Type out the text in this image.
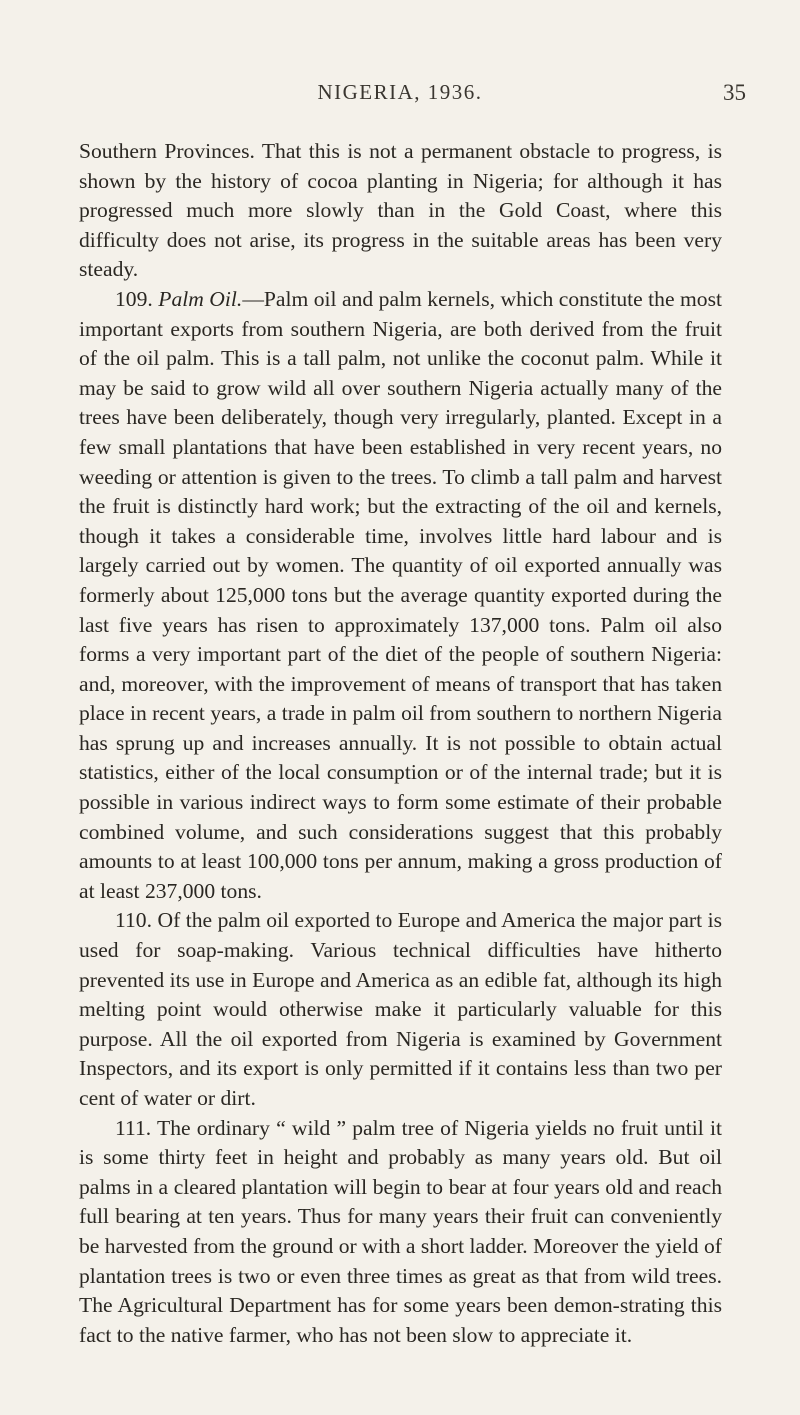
NIGERIA, 1936.	35

Southern Provinces. That this is not a permanent obstacle to progress, is shown by the history of cocoa planting in Nigeria; for although it has progressed much more slowly than in the Gold Coast, where this difficulty does not arise, its progress in the suitable areas has been very steady.

109. Palm Oil.—Palm oil and palm kernels, which constitute the most important exports from southern Nigeria, are both derived from the fruit of the oil palm. This is a tall palm, not unlike the coconut palm. While it may be said to grow wild all over southern Nigeria actually many of the trees have been deliberately, though very irregularly, planted. Except in a few small plantations that have been established in very recent years, no weeding or attention is given to the trees. To climb a tall palm and harvest the fruit is distinctly hard work; but the extracting of the oil and kernels, though it takes a considerable time, involves little hard labour and is largely carried out by women. The quantity of oil exported annually was formerly about 125,000 tons but the average quantity exported during the last five years has risen to approximately 137,000 tons. Palm oil also forms a very important part of the diet of the people of southern Nigeria: and, moreover, with the improvement of means of transport that has taken place in recent years, a trade in palm oil from southern to northern Nigeria has sprung up and increases annually. It is not possible to obtain actual statistics, either of the local consumption or of the internal trade; but it is possible in various indirect ways to form some estimate of their probable combined volume, and such considerations suggest that this probably amounts to at least 100,000 tons per annum, making a gross production of at least 237,000 tons.

110. Of the palm oil exported to Europe and America the major part is used for soap-making. Various technical difficulties have hitherto prevented its use in Europe and America as an edible fat, although its high melting point would otherwise make it particularly valuable for this purpose. All the oil exported from Nigeria is examined by Government Inspectors, and its export is only permitted if it contains less than two per cent of water or dirt.

111. The ordinary “ wild ” palm tree of Nigeria yields no fruit until it is some thirty feet in height and probably as many years old. But oil palms in a cleared plantation will begin to bear at four years old and reach full bearing at ten years. Thus for many years their fruit can conveniently be harvested from the ground or with a short ladder. Moreover the yield of plantation trees is two or even three times as great as that from wild trees. The Agricultural Department has for some years been demon-strating this fact to the native farmer, who has not been slow to appreciate it.
